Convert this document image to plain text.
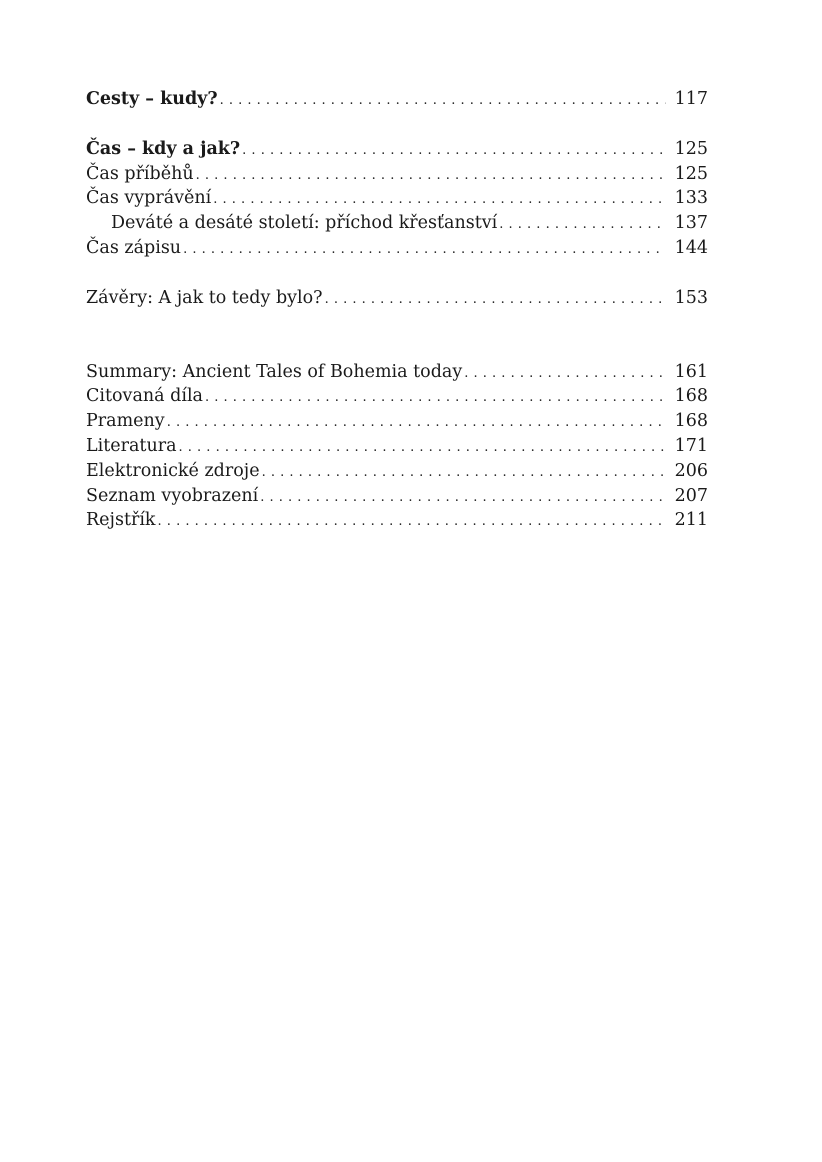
Cesty – kudy? . . .	117
Čas – kdy a jak? . . .	125
Čas příběhů . . .	125
Čas vyprávění . . .	133
Deváté a desáté století: příchod křesťanství . . .	137
Čas zápisu . . .	144
Závěry: A jak to tedy bylo? . . .	153
Summary: Ancient Tales of Bohemia today . . .	161
Citovaná díla . . .	168
Prameny . . .	168
Literatura . . .	171
Elektronické zdroje . . .	206
Seznam vyobrazení . . .	207
Rejstřík . . .	211
